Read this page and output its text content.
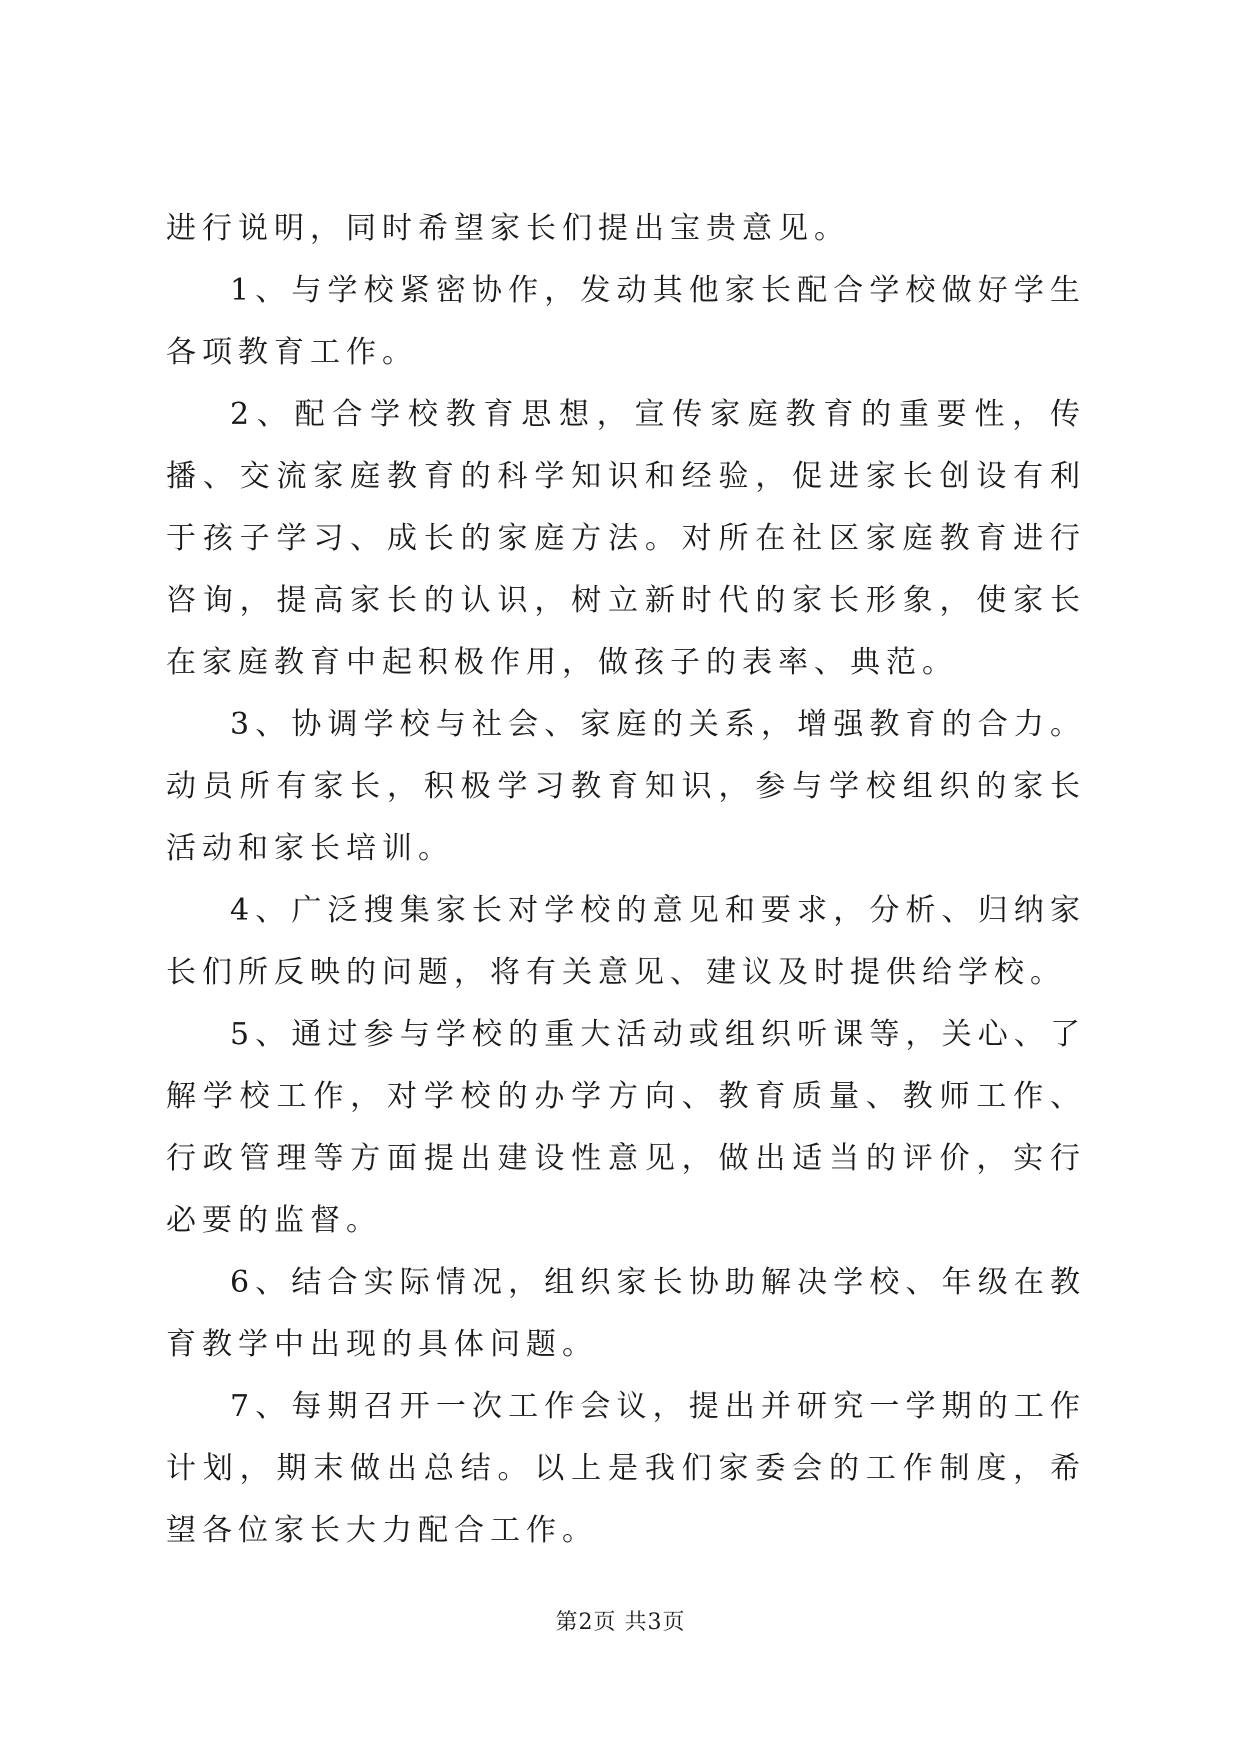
进行说明，同时希望家长们提出宝贵意见。

1、与学校紧密协作，发动其他家长配合学校做好学生各项教育工作。

2、配合学校教育思想，宣传家庭教育的重要性，传播、交流家庭教育的科学知识和经验，促进家长创设有利于孩子学习、成长的家庭方法。对所在社区家庭教育进行咨询，提高家长的认识，树立新时代的家长形象，使家长在家庭教育中起积极作用，做孩子的表率、典范。

3、协调学校与社会、家庭的关系，增强教育的合力。动员所有家长，积极学习教育知识，参与学校组织的家长活动和家长培训。

4、广泛搜集家长对学校的意见和要求，分析、归纳家长们所反映的问题，将有关意见、建议及时提供给学校。

5、通过参与学校的重大活动或组织听课等，关心、了解学校工作，对学校的办学方向、教育质量、教师工作、行政管理等方面提出建设性意见，做出适当的评价，实行必要的监督。

6、结合实际情况，组织家长协助解决学校、年级在教育教学中出现的具体问题。

7、每期召开一次工作会议，提出并研究一学期的工作计划，期末做出总结。以上是我们家委会的工作制度，希望各位家长大力配合工作。

第2页 共3页
